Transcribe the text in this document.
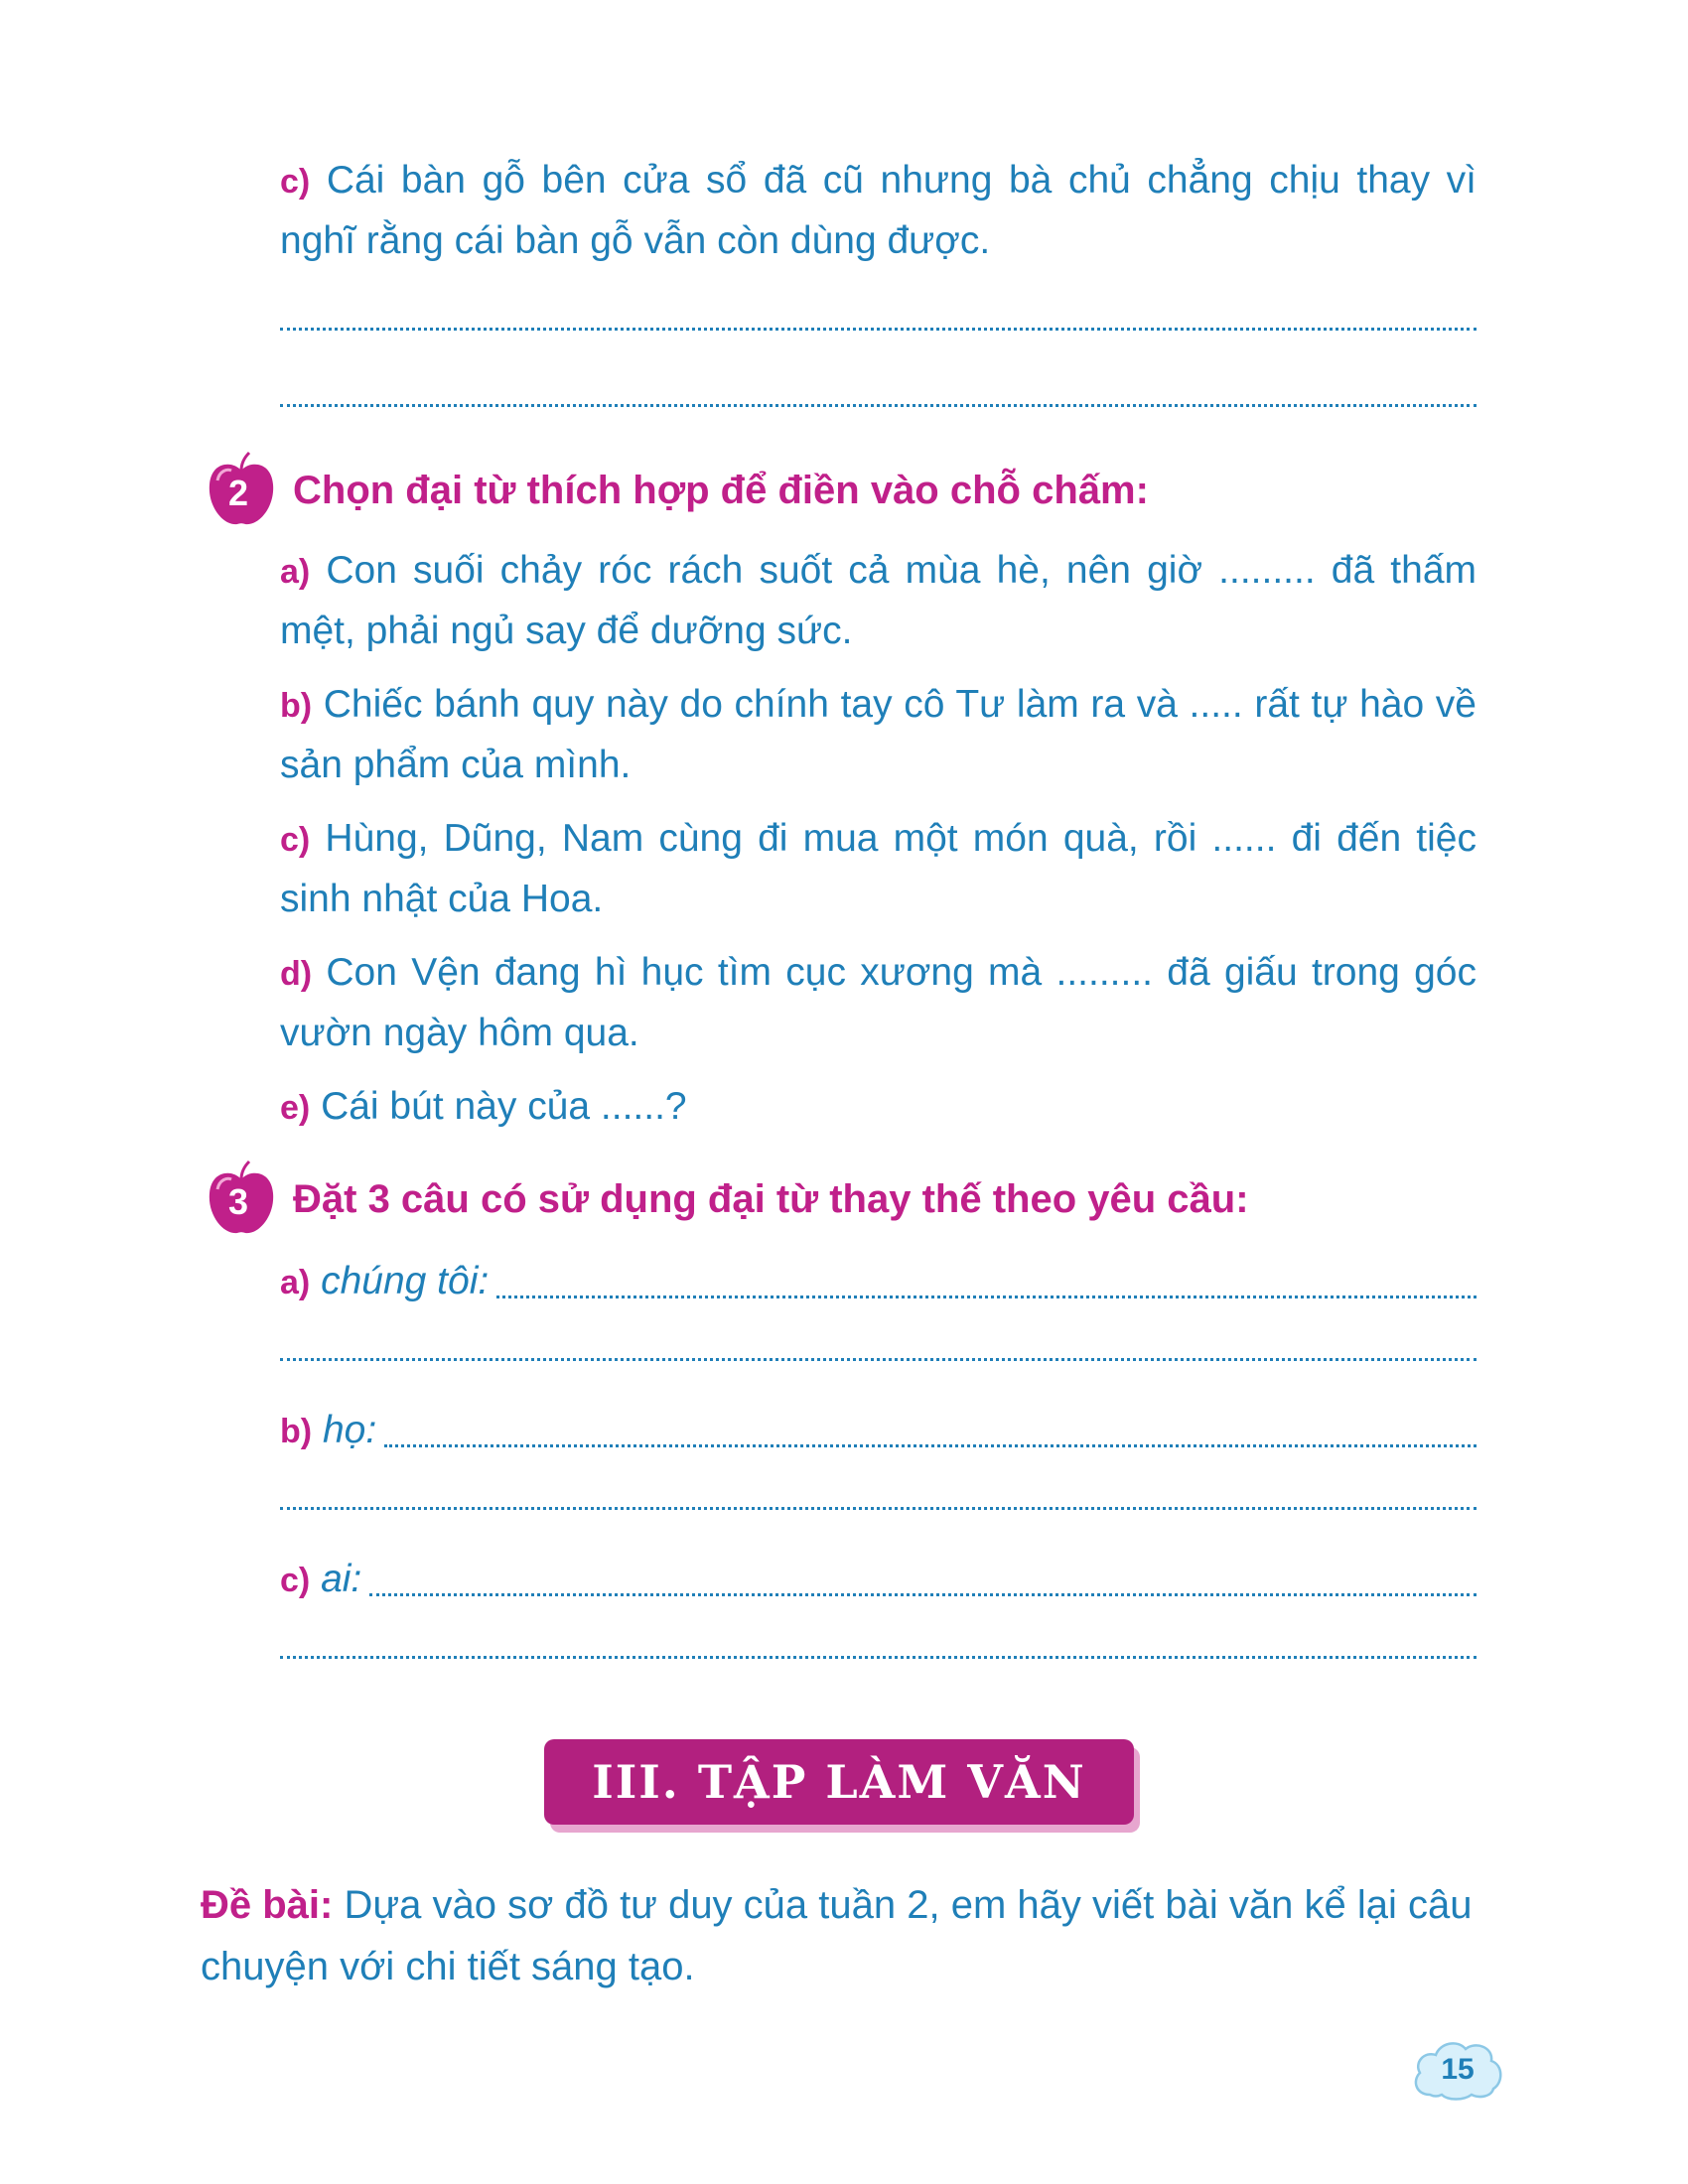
c) Cái bàn gỗ bên cửa sổ đã cũ nhưng bà chủ chẳng chịu thay vì nghĩ rằng cái bàn gỗ vẫn còn dùng được.
2	Chọn đại từ thích hợp để điền vào chỗ chấm:
a) Con suối chảy róc rách suốt cả mùa hè, nên giờ ......... đã thấm mệt, phải ngủ say để dưỡng sức.
b) Chiếc bánh quy này do chính tay cô Tư làm ra và ..... rất tự hào về sản phẩm của mình.
c) Hùng, Dũng, Nam cùng đi mua một món quà, rồi ...... đi đến tiệc sinh nhật của Hoa.
d) Con Vện đang hì hục tìm cục xương mà ......... đã giấu trong góc vườn ngày hôm qua.
e) Cái bút này của ......?
3	Đặt 3 câu có sử dụng đại từ thay thế theo yêu cầu:
a) chúng tôi:
b) họ:
c) ai:
III. TẬP LÀM VĂN
Đề bài: Dựa vào sơ đồ tư duy của tuần 2, em hãy viết bài văn kể lại câu chuyện với chi tiết sáng tạo.
15
